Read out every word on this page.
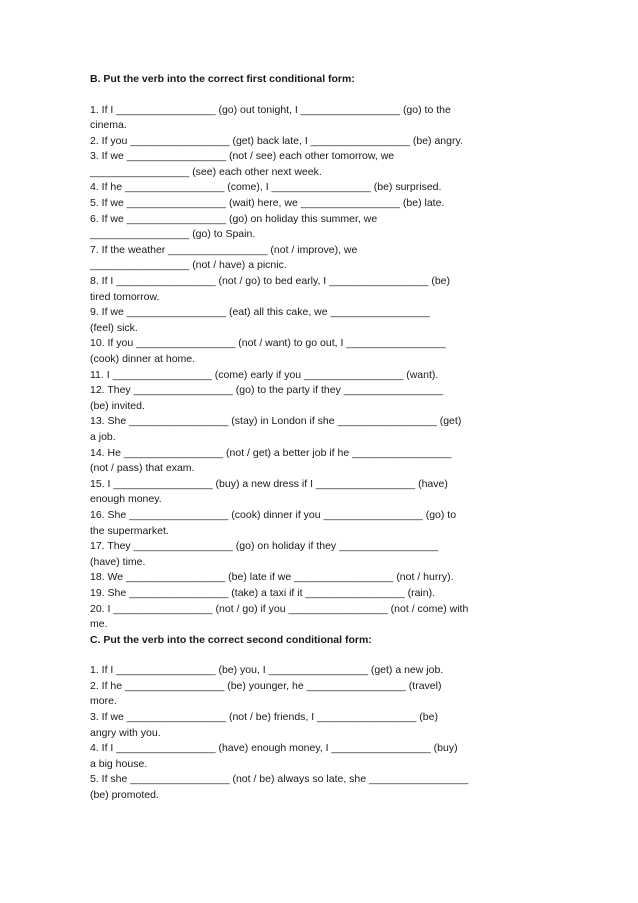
B. Put the verb into the correct first conditional form:

1. If I _________________ (go) out tonight, I _________________ (go) to the

cinema.

2. If you _________________ (get) back late, I _________________ (be) angry.

3. If we _________________ (not / see) each other tomorrow, we

_________________ (see) each other next week.

4. If he _________________ (come), I _________________ (be) surprised.

5. If we _________________ (wait) here, we _________________ (be) late.

6. If we _________________ (go) on holiday this summer, we

_________________ (go) to Spain.

7. If the weather _________________ (not / improve), we

_________________ (not / have) a picnic.

8. If I _________________ (not / go) to bed early, I _________________ (be)

tired tomorrow.

9. If we _________________ (eat) all this cake, we _________________

(feel) sick.

10. If you _________________ (not / want) to go out, I _________________

(cook) dinner at home.

11. I _________________ (come) early if you _________________ (want).

12. They _________________ (go) to the party if they _________________

(be) invited.

13. She _________________ (stay) in London if she _________________ (get)

a job.

14. He _________________ (not / get) a better job if he _________________

(not / pass) that exam.

15. I _________________ (buy) a new dress if I _________________ (have)

enough money.

16. She _________________ (cook) dinner if you _________________ (go) to

the supermarket.

17. They _________________ (go) on holiday if they _________________

(have) time.

18. We _________________ (be) late if we _________________ (not / hurry).

19. She _________________ (take) a taxi if it _________________ (rain).

20. I _________________ (not / go) if you _________________ (not / come) with

me.

C. Put the verb into the correct second conditional form:

1. If I _________________ (be) you, I _________________ (get) a new job.

2. If he _________________ (be) younger, he _________________ (travel)

more.

3. If we _________________ (not / be) friends, I _________________ (be)

angry with you.

4. If I _________________ (have) enough money, I _________________ (buy)

a big house.

5. If she _________________ (not / be) always so late, she _________________

(be) promoted.
